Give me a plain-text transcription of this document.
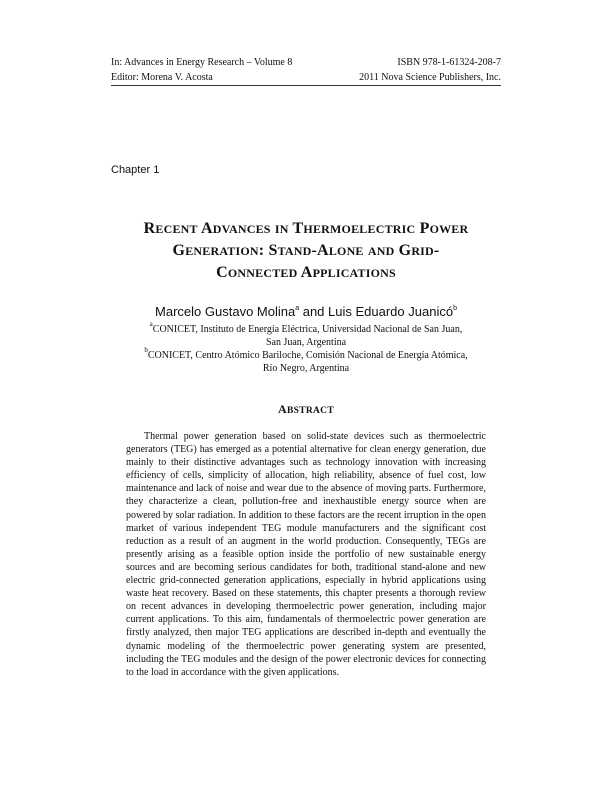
In: Advances in Energy Research – Volume 8	ISBN 978-1-61324-208-7
Editor: Morena V. Acosta	2011 Nova Science Publishers, Inc.
Chapter 1
RECENT ADVANCES IN THERMOELECTRIC POWER
GENERATION: STAND-ALONE AND GRID-
CONNECTED APPLICATIONS
Marcelo Gustavo Molina$^a$ and Luis Eduardo Juanicó$^b$
$^a$CONICET, Instituto de Energía Eléctrica, Universidad Nacional de San Juan,
San Juan, Argentina
$^b$CONICET, Centro Atómico Bariloche, Comisión Nacional de Energía Atómica,
Río Negro, Argentina
ABSTRACT

Thermal power generation based on solid-state devices such as thermoelectric generators (TEG) has emerged as a potential alternative for clean energy generation, due mainly to their distinctive advantages such as technology innovation with increasing efficiency of cells, simplicity of allocation, high reliability, absence of fuel cost, low maintenance and lack of noise and wear due to the absence of moving parts. Furthermore, they characterize a clean, pollution-free and inexhaustible energy source when are powered by solar radiation. In addition to these factors are the recent irruption in the open market of various independent TEG module manufacturers and the significant cost reduction as a result of an augment in the world production. Consequently, TEGs are presently arising as a feasible option inside the portfolio of new sustainable energy sources and are becoming serious candidates for both, traditional stand-alone and new electric grid-connected generation applications, especially in hybrid applications using waste heat recovery. Based on these statements, this chapter presents a thorough review on recent advances in developing thermoelectric power generation, including major current applications. To this aim, fundamentals of thermoelectric power generation are firstly analyzed, then major TEG applications are described in-depth and eventually the dynamic modeling of the thermoelectric power generating system are presented, including the TEG modules and the design of the power electronic devices for connecting to the load in accordance with the given applications.
